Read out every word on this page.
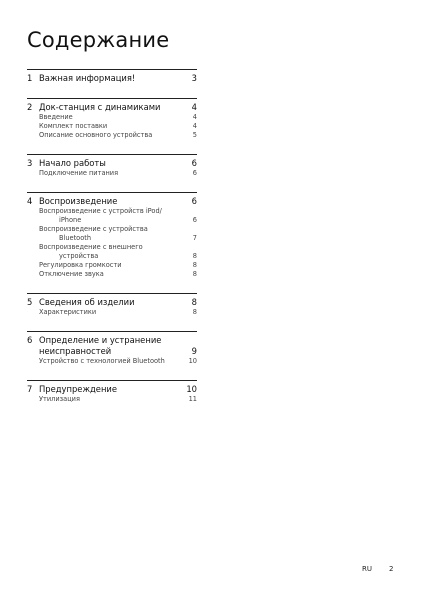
Содержание
1 Важная информация!	3
2 Док-станция с динамиками	4
Введение	4
Комплект поставки	4
Описание основного устройства	5
3 Начало работы	6
Подключение питания	6
4 Воспроизведение	6
Воспроизведение с устройств iPod/
iPhone	6
Воспроизведение с устройства
Bluetooth	7
Воспроизведение с внешнего
устройства	8
Регулировка громкости	8
Отключение звука	8
5 Сведения об изделии	8
Характеристики	8
6 Определение и устранение
неисправностей	9
Устройство с технологией Bluetooth	10
7 Предупреждение	10
Утилизация	11
RU 2
